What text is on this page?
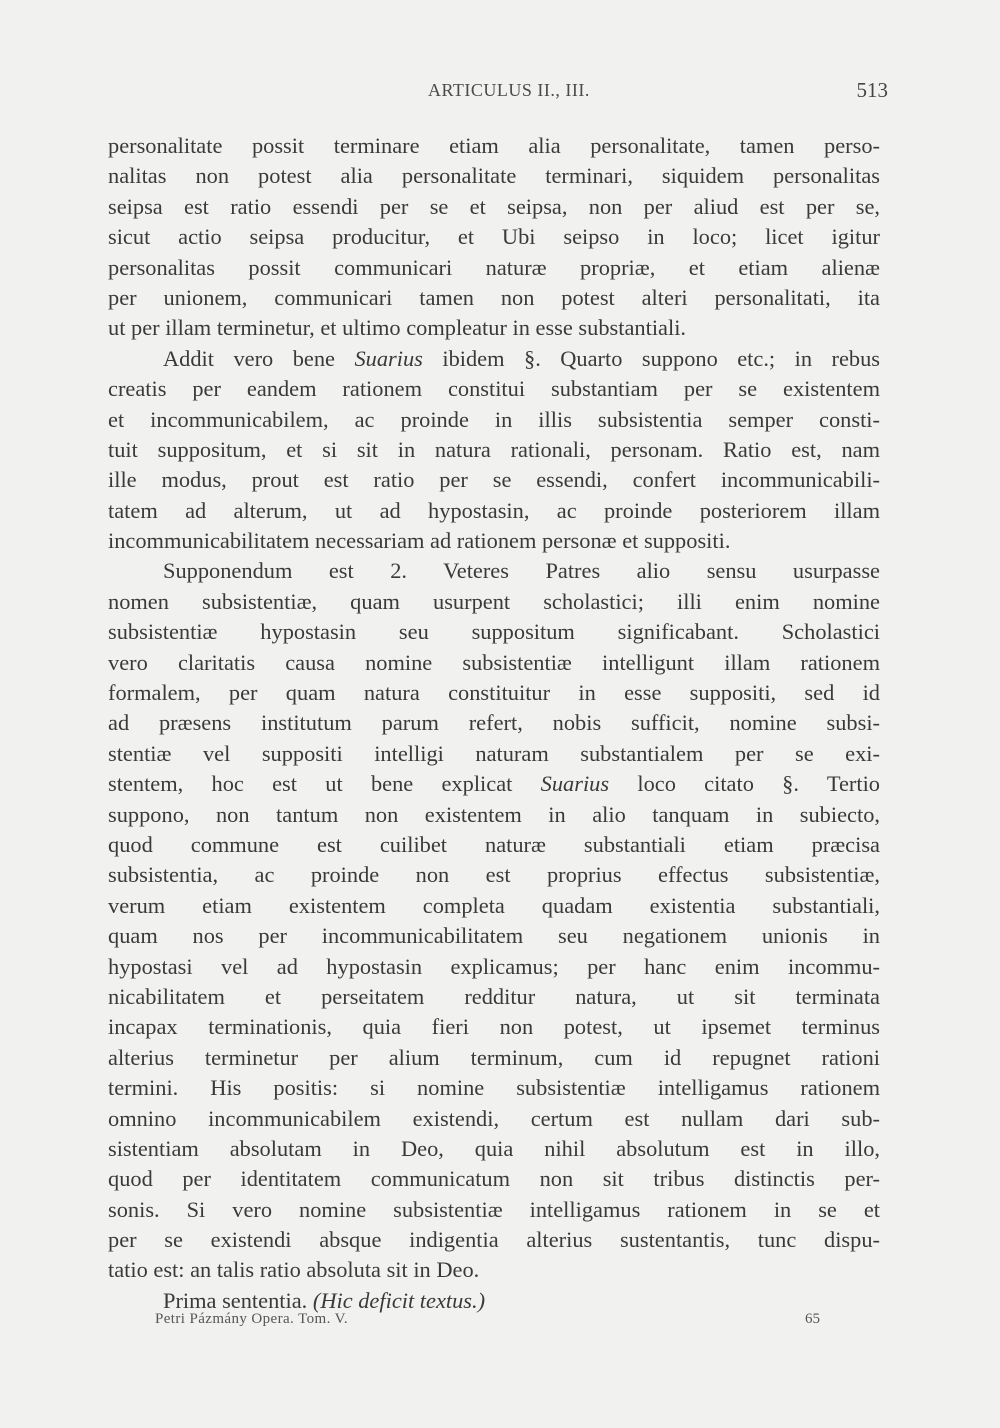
ARTICULUS II., III.	513
personalitate possit terminare etiam alia personalitate, tamen perso-
nalitas non potest alia personalitate terminari, siquidem personalitas
seipsa est ratio essendi per se et seipsa, non per aliud est per se,
sicut actio seipsa producitur, et Ubi seipso in loco; licet igitur
personalitas possit communicari naturæ propriæ, et etiam alienæ
per unionem, communicari tamen non potest alteri personalitati, ita
ut per illam terminetur, et ultimo compleatur in esse substantiali.
Addit vero bene Suarius ibidem §. Quarto suppono etc.; in rebus
creatis per eandem rationem constitui substantiam per se existentem
et incommunicabilem, ac proinde in illis subsistentia semper consti-
tuit suppositum, et si sit in natura rationali, personam. Ratio est, nam
ille modus, prout est ratio per se essendi, confert incommunicabili-
tatem ad alterum, ut ad hypostasin, ac proinde posteriorem illam
incommunicabilitatem necessariam ad rationem personæ et suppositi.
Supponendum est 2. Veteres Patres alio sensu usurpasse
nomen subsistentiæ, quam usurpent scholastici; illi enim nomine
subsistentiæ hypostasin seu suppositum significabant. Scholastici
vero claritatis causa nomine subsistentiæ intelligunt illam rationem
formalem, per quam natura constituitur in esse suppositi, sed id
ad præsens institutum parum refert, nobis sufficit, nomine subsi-
stentiæ vel suppositi intelligi naturam substantialem per se exi-
stentem, hoc est ut bene explicat Suarius loco citato §. Tertio
suppono, non tantum non existentem in alio tanquam in subiecto,
quod commune est cuilibet naturæ substantiali etiam præcisa
subsistentia, ac proinde non est proprius effectus subsistentiæ,
verum etiam existentem completa quadam existentia substantiali,
quam nos per incommunicabilitatem seu negationem unionis in
hypostasi vel ad hypostasin explicamus; per hanc enim incommu-
nicabilitatem et perseitatem redditur natura, ut sit terminata
incapax terminationis, quia fieri non potest, ut ipsemet terminus
alterius terminetur per alium terminum, cum id repugnet rationi
termini. His positis: si nomine subsistentiæ intelligamus rationem
omnino incommunicabilem existendi, certum est nullam dari sub-
sistentiam absolutam in Deo, quia nihil absolutum est in illo,
quod per identitatem communicatum non sit tribus distinctis per-
sonis. Si vero nomine subsistentiæ intelligamus rationem in se et
per se existendi absque indigentia alterius sustentantis, tunc dispu-
tatio est: an talis ratio absoluta sit in Deo.
Prima sententia. (Hic deficit textus.)
Petri Pázmány Opera. Tom. V.	65
